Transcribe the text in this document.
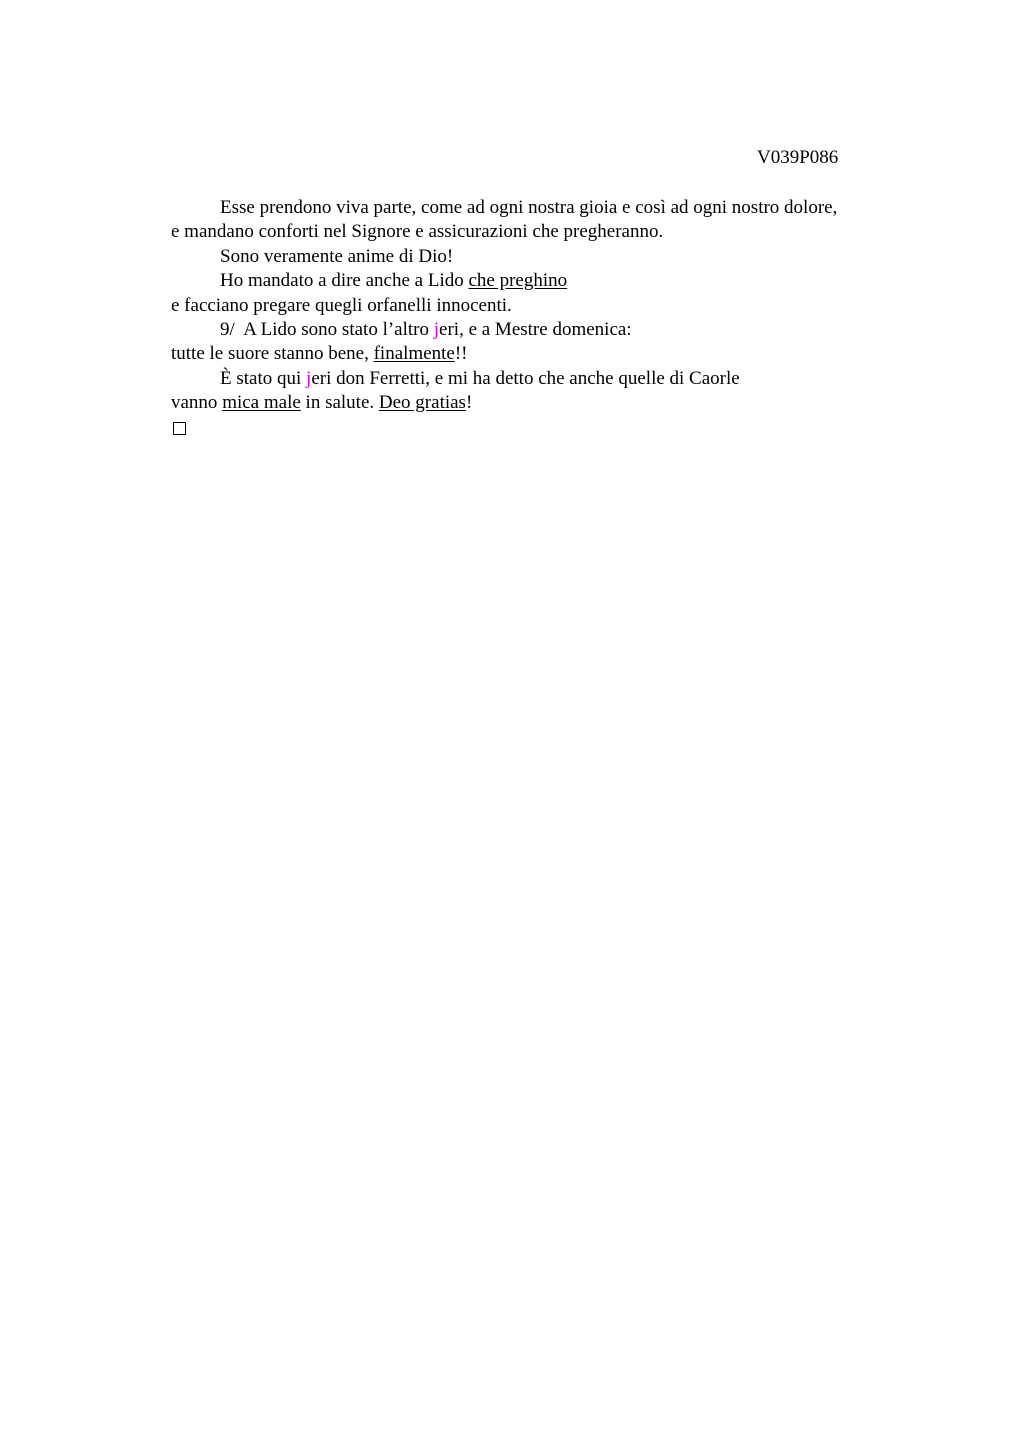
V039P086
Esse prendono viva parte, come ad ogni nostra gioia e così ad ogni nostro dolore,
e mandano conforti nel Signore e assicurazioni che pregheranno.
Sono veramente anime di Dio!
Ho mandato a dire anche a Lido che preghino
e facciano pregare quegli orfanelli innocenti.
9/  A Lido sono stato l’altro jeri, e a Mestre domenica:
tutte le suore stanno bene, finalmente!!
È stato qui jeri don Ferretti, e mi ha detto che anche quelle di Caorle
vanno mica male in salute. Deo gratias!
